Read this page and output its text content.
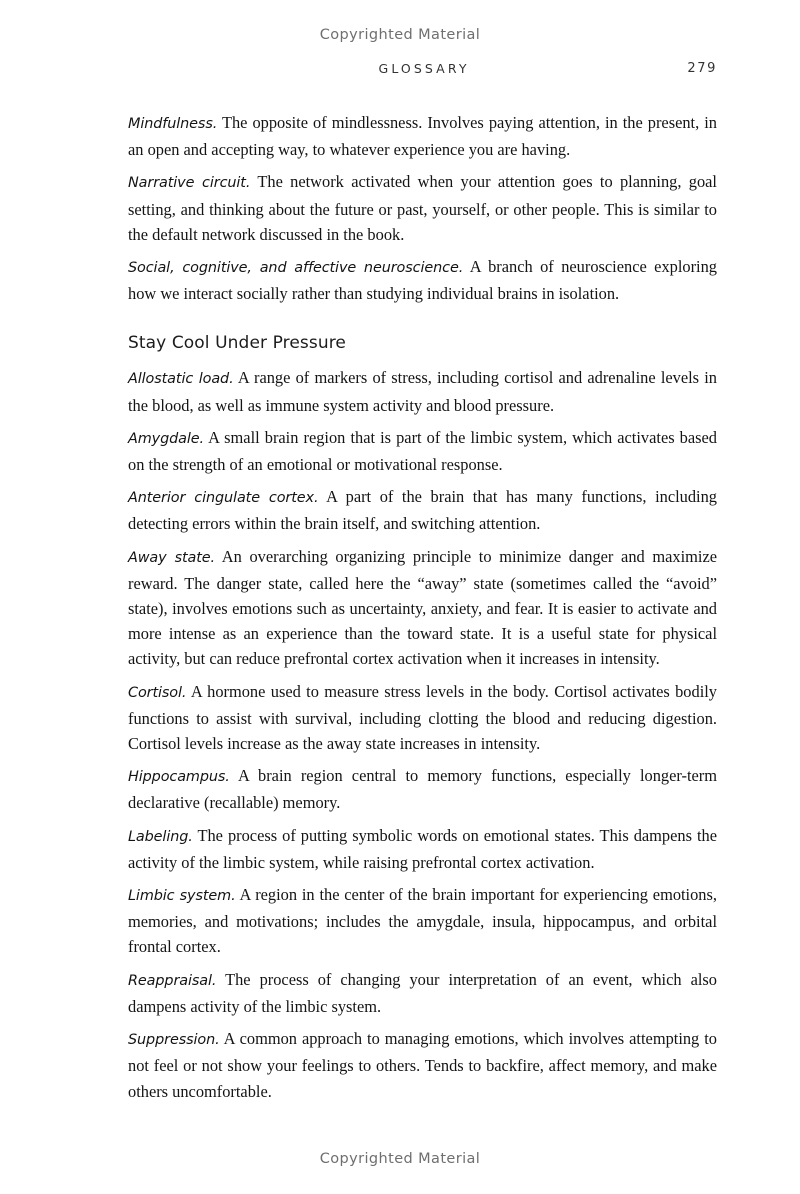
Copyrighted Material
GLOSSARY	279

Mindfulness. The opposite of mindlessness. Involves paying attention, in the present, in an open and accepting way, to whatever experience you are having.

Narrative circuit. The network activated when your attention goes to planning, goal setting, and thinking about the future or past, yourself, or other people. This is similar to the default network discussed in the book.

Social, cognitive, and affective neuroscience. A branch of neuroscience exploring how we interact socially rather than studying individual brains in isolation.

Stay Cool Under Pressure

Allostatic load. A range of markers of stress, including cortisol and adrenaline levels in the blood, as well as immune system activity and blood pressure.

Amygdale. A small brain region that is part of the limbic system, which activates based on the strength of an emotional or motivational response.

Anterior cingulate cortex. A part of the brain that has many functions, including detecting errors within the brain itself, and switching attention.

Away state. An overarching organizing principle to minimize danger and maximize reward. The danger state, called here the “away” state (sometimes called the “avoid” state), involves emotions such as uncertainty, anxiety, and fear. It is easier to activate and more intense as an experience than the toward state. It is a useful state for physical activity, but can reduce prefrontal cortex activation when it increases in intensity.

Cortisol. A hormone used to measure stress levels in the body. Cortisol activates bodily functions to assist with survival, including clotting the blood and reducing digestion. Cortisol levels increase as the away state increases in intensity.

Hippocampus. A brain region central to memory functions, especially longer-term declarative (recallable) memory.

Labeling. The process of putting symbolic words on emotional states. This dampens the activity of the limbic system, while raising prefrontal cortex activation.

Limbic system. A region in the center of the brain important for experiencing emotions, memories, and motivations; includes the amygdale, insula, hippocampus, and orbital frontal cortex.

Reappraisal. The process of changing your interpretation of an event, which also dampens activity of the limbic system.

Suppression. A common approach to managing emotions, which involves attempting to not feel or not show your feelings to others. Tends to backfire, affect memory, and make others uncomfortable.

Copyrighted Material
